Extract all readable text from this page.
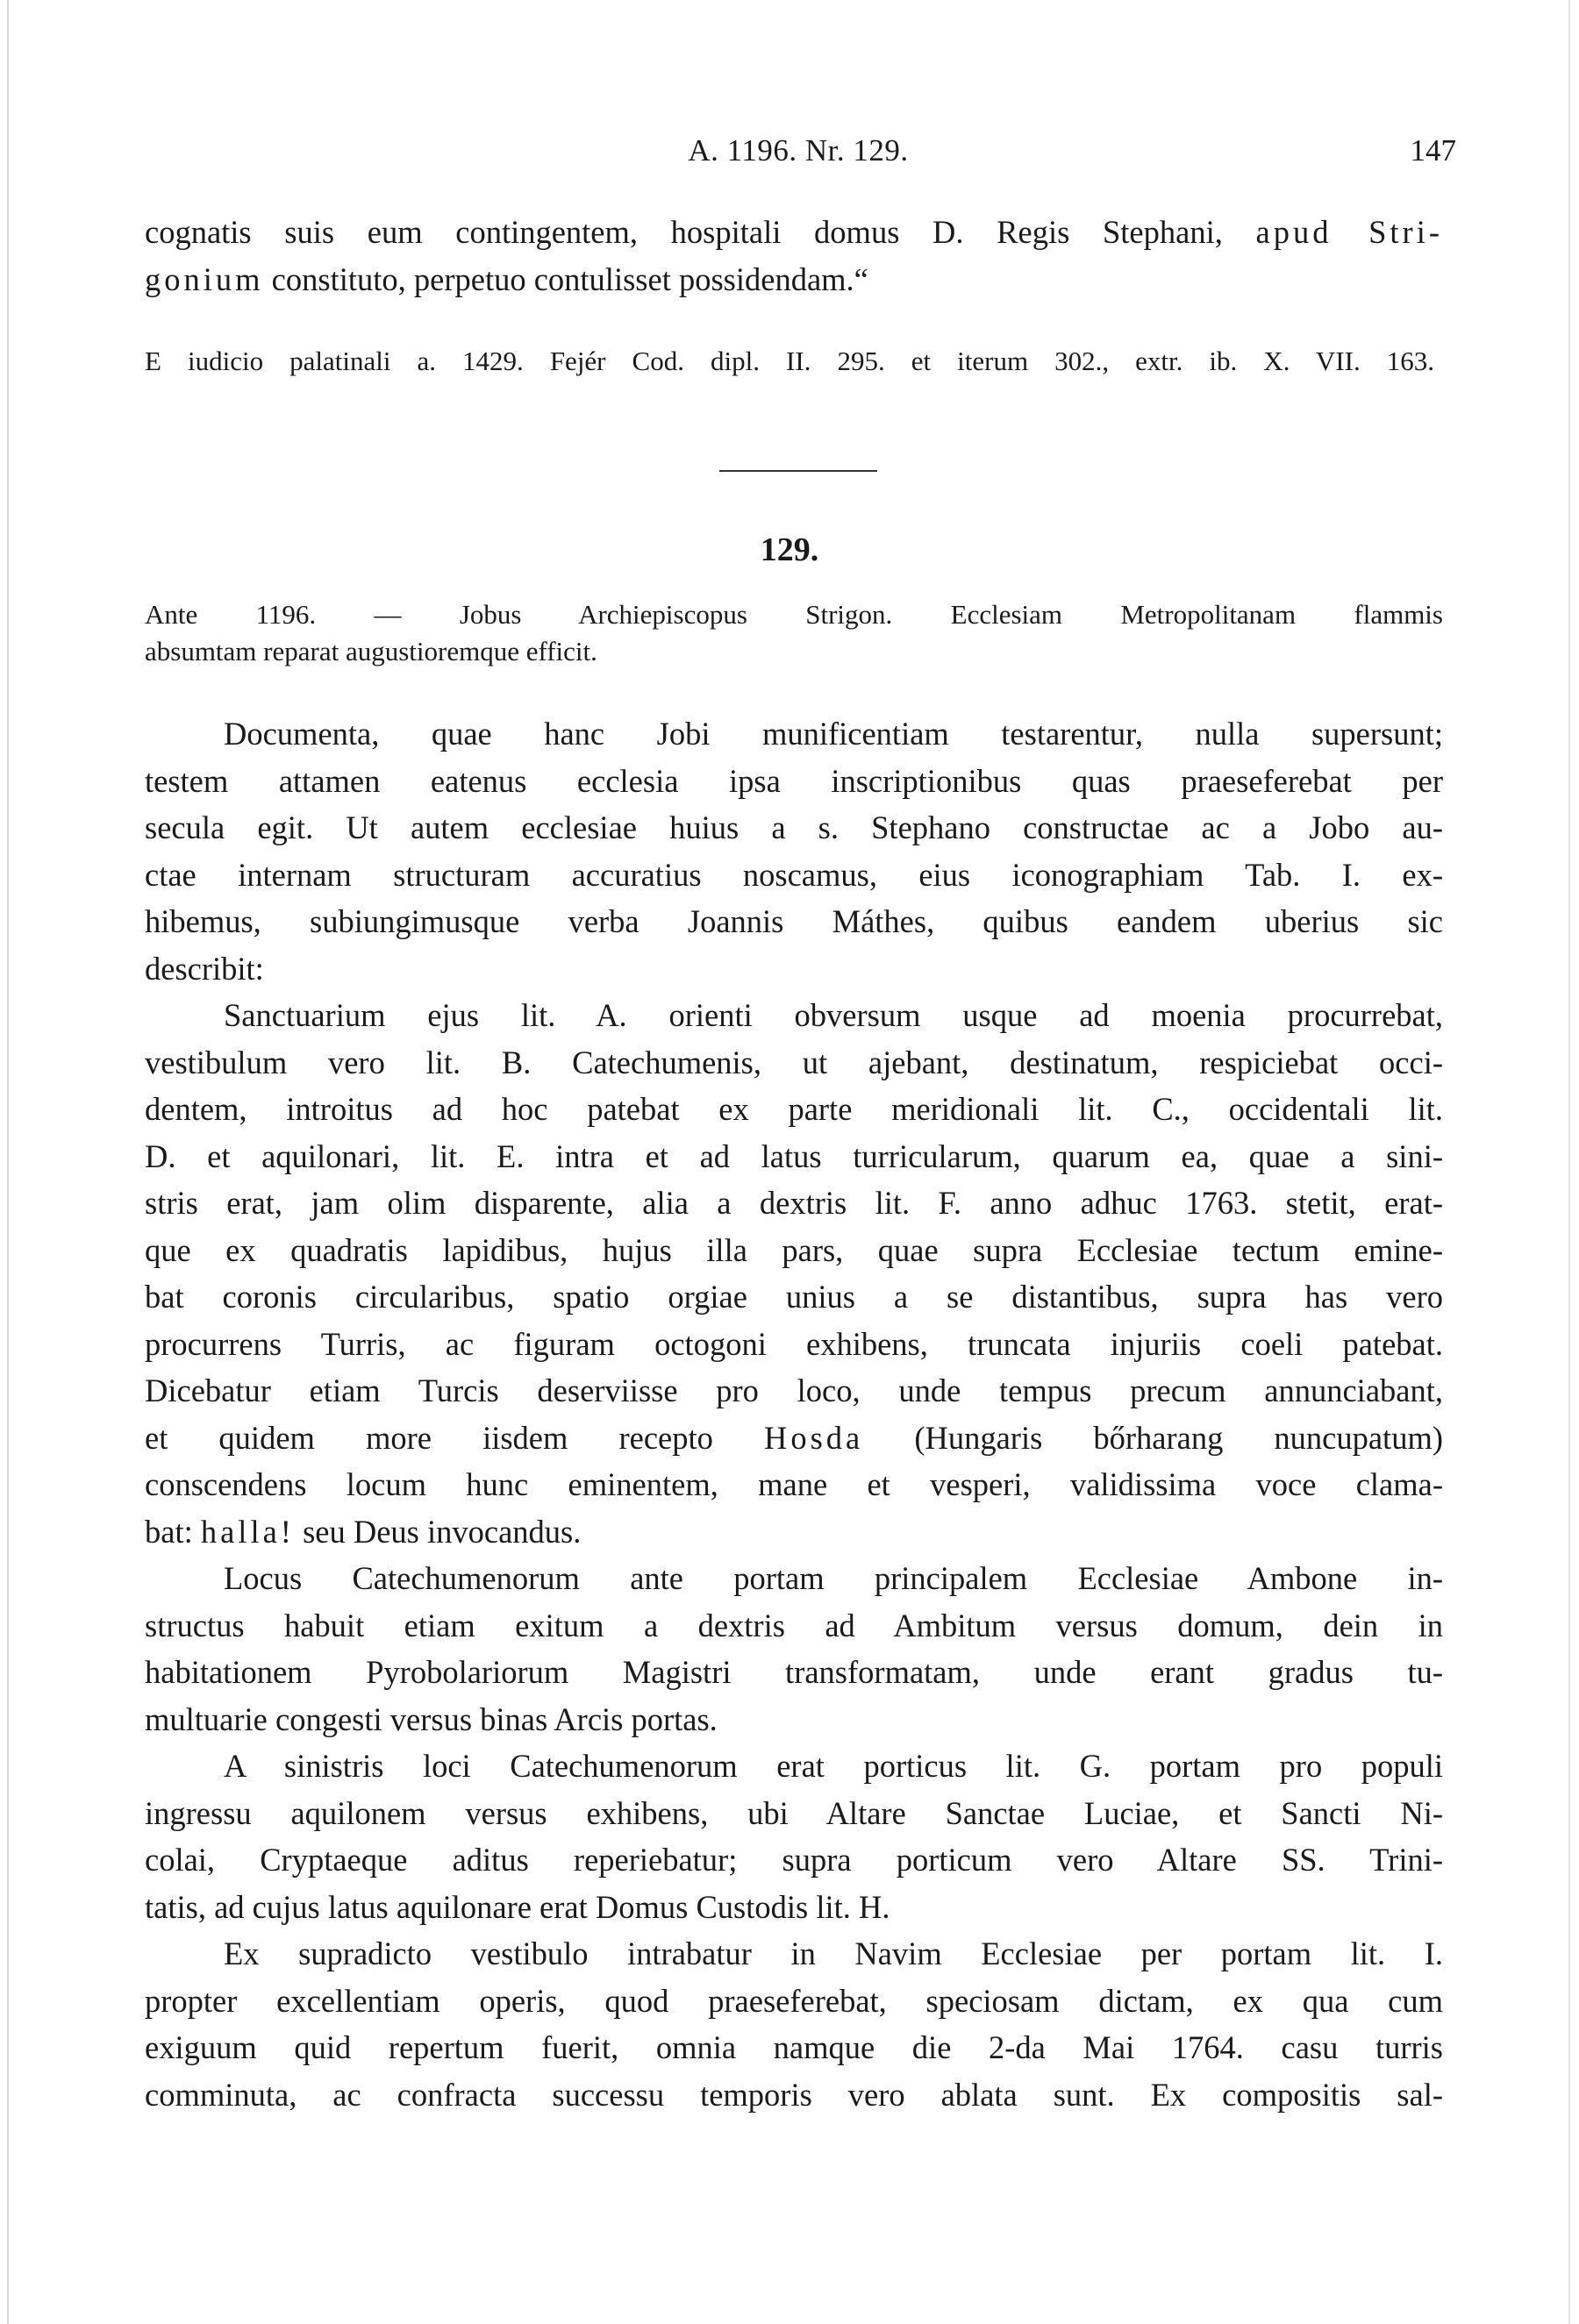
A. 1196. Nr. 129.	147
cognatis suis eum contingentem, hospitali domus D. Regis Stephani, apud Stri-
gonium constituto, perpetuo contulisset possidendam.“
E iudicio palatinali a. 1429. Fejér Cod. dipl. II. 295. et iterum 302., extr. ib. X. VII. 163.
129.
Ante 1196. — Jobus Archiepiscopus Strigon. Ecclesiam Metropolitanam flammis
absumtam reparat augustioremque efficit.
Documenta, quae hanc Jobi munificentiam testarentur, nulla supersunt;
testem attamen eatenus ecclesia ipsa inscriptionibus quas praeseferebat per
secula egit. Ut autem ecclesiae huius a s. Stephano constructae ac a Jobo au-
ctae internam structuram accuratius noscamus, eius iconographiam Tab. I. ex-
hibemus, subiungimusque verba Joannis Máthes, quibus eandem uberius sic
describit:
Sanctuarium ejus lit. A. orienti obversum usque ad moenia procurrebat,
vestibulum vero lit. B. Catechumenis, ut ajebant, destinatum, respiciebat occi-
dentem, introitus ad hoc patebat ex parte meridionali lit. C., occidentali lit.
D. et aquilonari, lit. E. intra et ad latus turricularum, quarum ea, quae a sini-
stris erat, jam olim disparente, alia a dextris lit. F. anno adhuc 1763. stetit, erat-
que ex quadratis lapidibus, hujus illa pars, quae supra Ecclesiae tectum emine-
bat coronis circularibus, spatio orgiae unius a se distantibus, supra has vero
procurrens Turris, ac figuram octogoni exhibens, truncata injuriis coeli patebat.
Dicebatur etiam Turcis deserviisse pro loco, unde tempus precum annunciabant,
et quidem more iisdem recepto Hosda (Hungaris bőrharang nuncupatum)
conscendens locum hunc eminentem, mane et vesperi, validissima voce clama-
bat: halla! seu Deus invocandus.
Locus Catechumenorum ante portam principalem Ecclesiae Ambone in-
structus habuit etiam exitum a dextris ad Ambitum versus domum, dein in
habitationem Pyrobolariorum Magistri transformatam, unde erant gradus tu-
multuarie congesti versus binas Arcis portas.
A sinistris loci Catechumenorum erat porticus lit. G. portam pro populi
ingressu aquilonem versus exhibens, ubi Altare Sanctae Luciae, et Sancti Ni-
colai, Cryptaeque aditus reperiebatur; supra porticum vero Altare SS. Trini-
tatis, ad cujus latus aquilonare erat Domus Custodis lit. H.
Ex supradicto vestibulo intrabatur in Navim Ecclesiae per portam lit. I.
propter excellentiam operis, quod praeseferebat, speciosam dictam, ex qua cum
exiguum quid repertum fuerit, omnia namque die 2-da Mai 1764. casu turris
comminuta, ac confracta successu temporis vero ablata sunt. Ex compositis sal-
